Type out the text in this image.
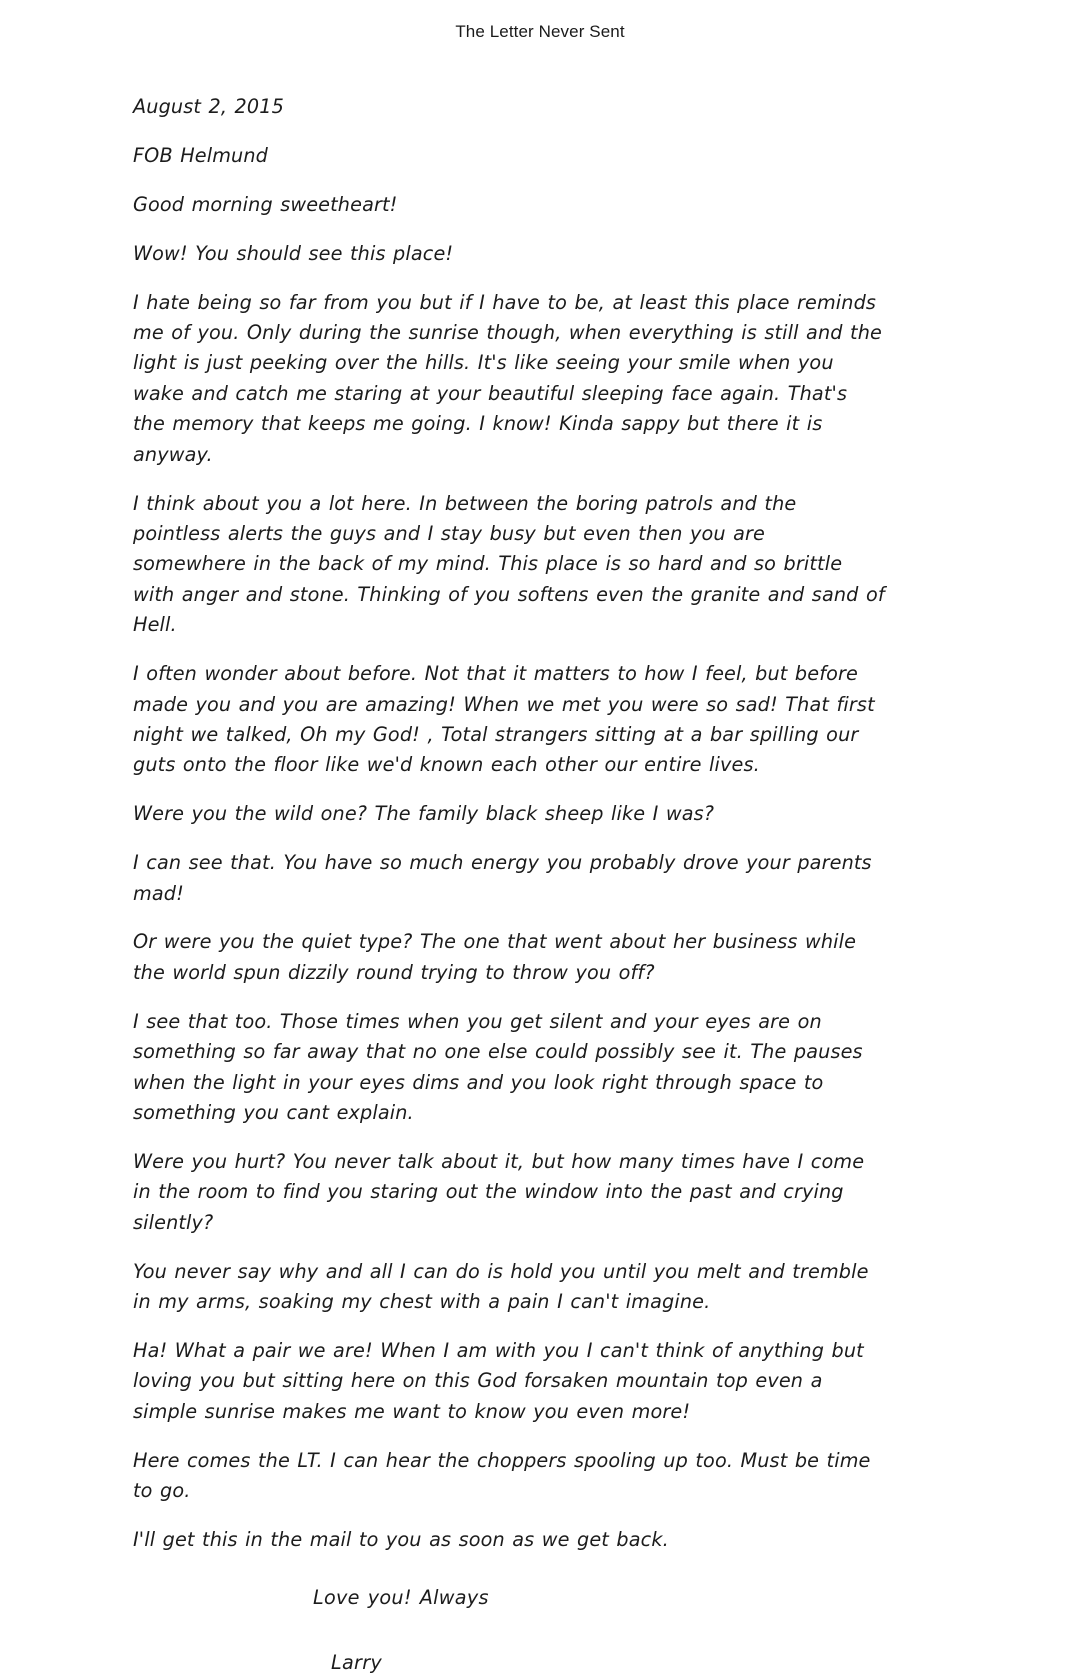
The Letter Never Sent

August 2, 2015

FOB Helmund

Good morning sweetheart!

Wow! You should see this place!

I hate being so far from you but if I have to be, at least this place reminds me of you. Only during the sunrise though, when everything is still and the light is just peeking over the hills. It's like seeing your smile when you wake and catch me staring at your beautiful sleeping face again. That's the memory that keeps me going. I know! Kinda sappy but there it is anyway.

I think about you a lot here. In between the boring patrols and the pointless alerts the guys and I stay busy but even then you are somewhere in the back of my mind. This place is so hard and so brittle with anger and stone. Thinking of you softens even the granite and sand of Hell.

I often wonder about before. Not that it matters to how I feel, but before made you and you are amazing! When we met you were so sad! That first night we talked, Oh my God! , Total strangers sitting at a bar spilling our guts onto the floor like we'd known each other our entire lives.

Were you the wild one? The family black sheep like I was?

I can see that. You have so much energy you probably drove your parents mad!

Or were you the quiet type? The one that went about her business while the world spun dizzily round trying to throw you off?

I see that too. Those times when you get silent and your eyes are on something so far away that no one else could possibly see it. The pauses when the light in your eyes dims and you look right through space to something you cant explain.

Were you hurt? You never talk about it, but how many times have I come in the room to find you staring out the window into the past and crying silently?

You never say why and all I can do is hold you until you melt and tremble in my arms, soaking my chest with a pain I can't imagine.

Ha! What a pair we are! When I am with you I can't think of anything but loving you but sitting here on this God forsaken mountain top even a simple sunrise makes me want to know you even more!

Here comes the LT. I can hear the choppers spooling up too. Must be time to go.

I'll get this in the mail to you as soon as we get back.

Love you! Always

Larry
